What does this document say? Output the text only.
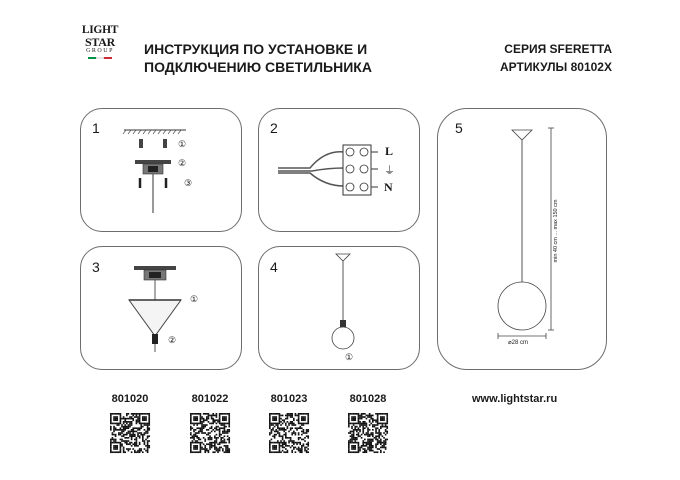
LIGHT
STAR
GROUP	ИНСТРУКЦИЯ ПО УСТАНОВКЕ И
ПОДКЛЮЧЕНИЮ СВЕТИЛЬНИКА
СЕРИЯ SFERETTA
АРТИКУЛЫ 80102X
1	2
3	4
5
①
②
③
L
⏚
N
①
②
①
min 40 cm ... max 150 cm
⌀28 cm
801020	801022	801023	801028	www.lightstar.ru
